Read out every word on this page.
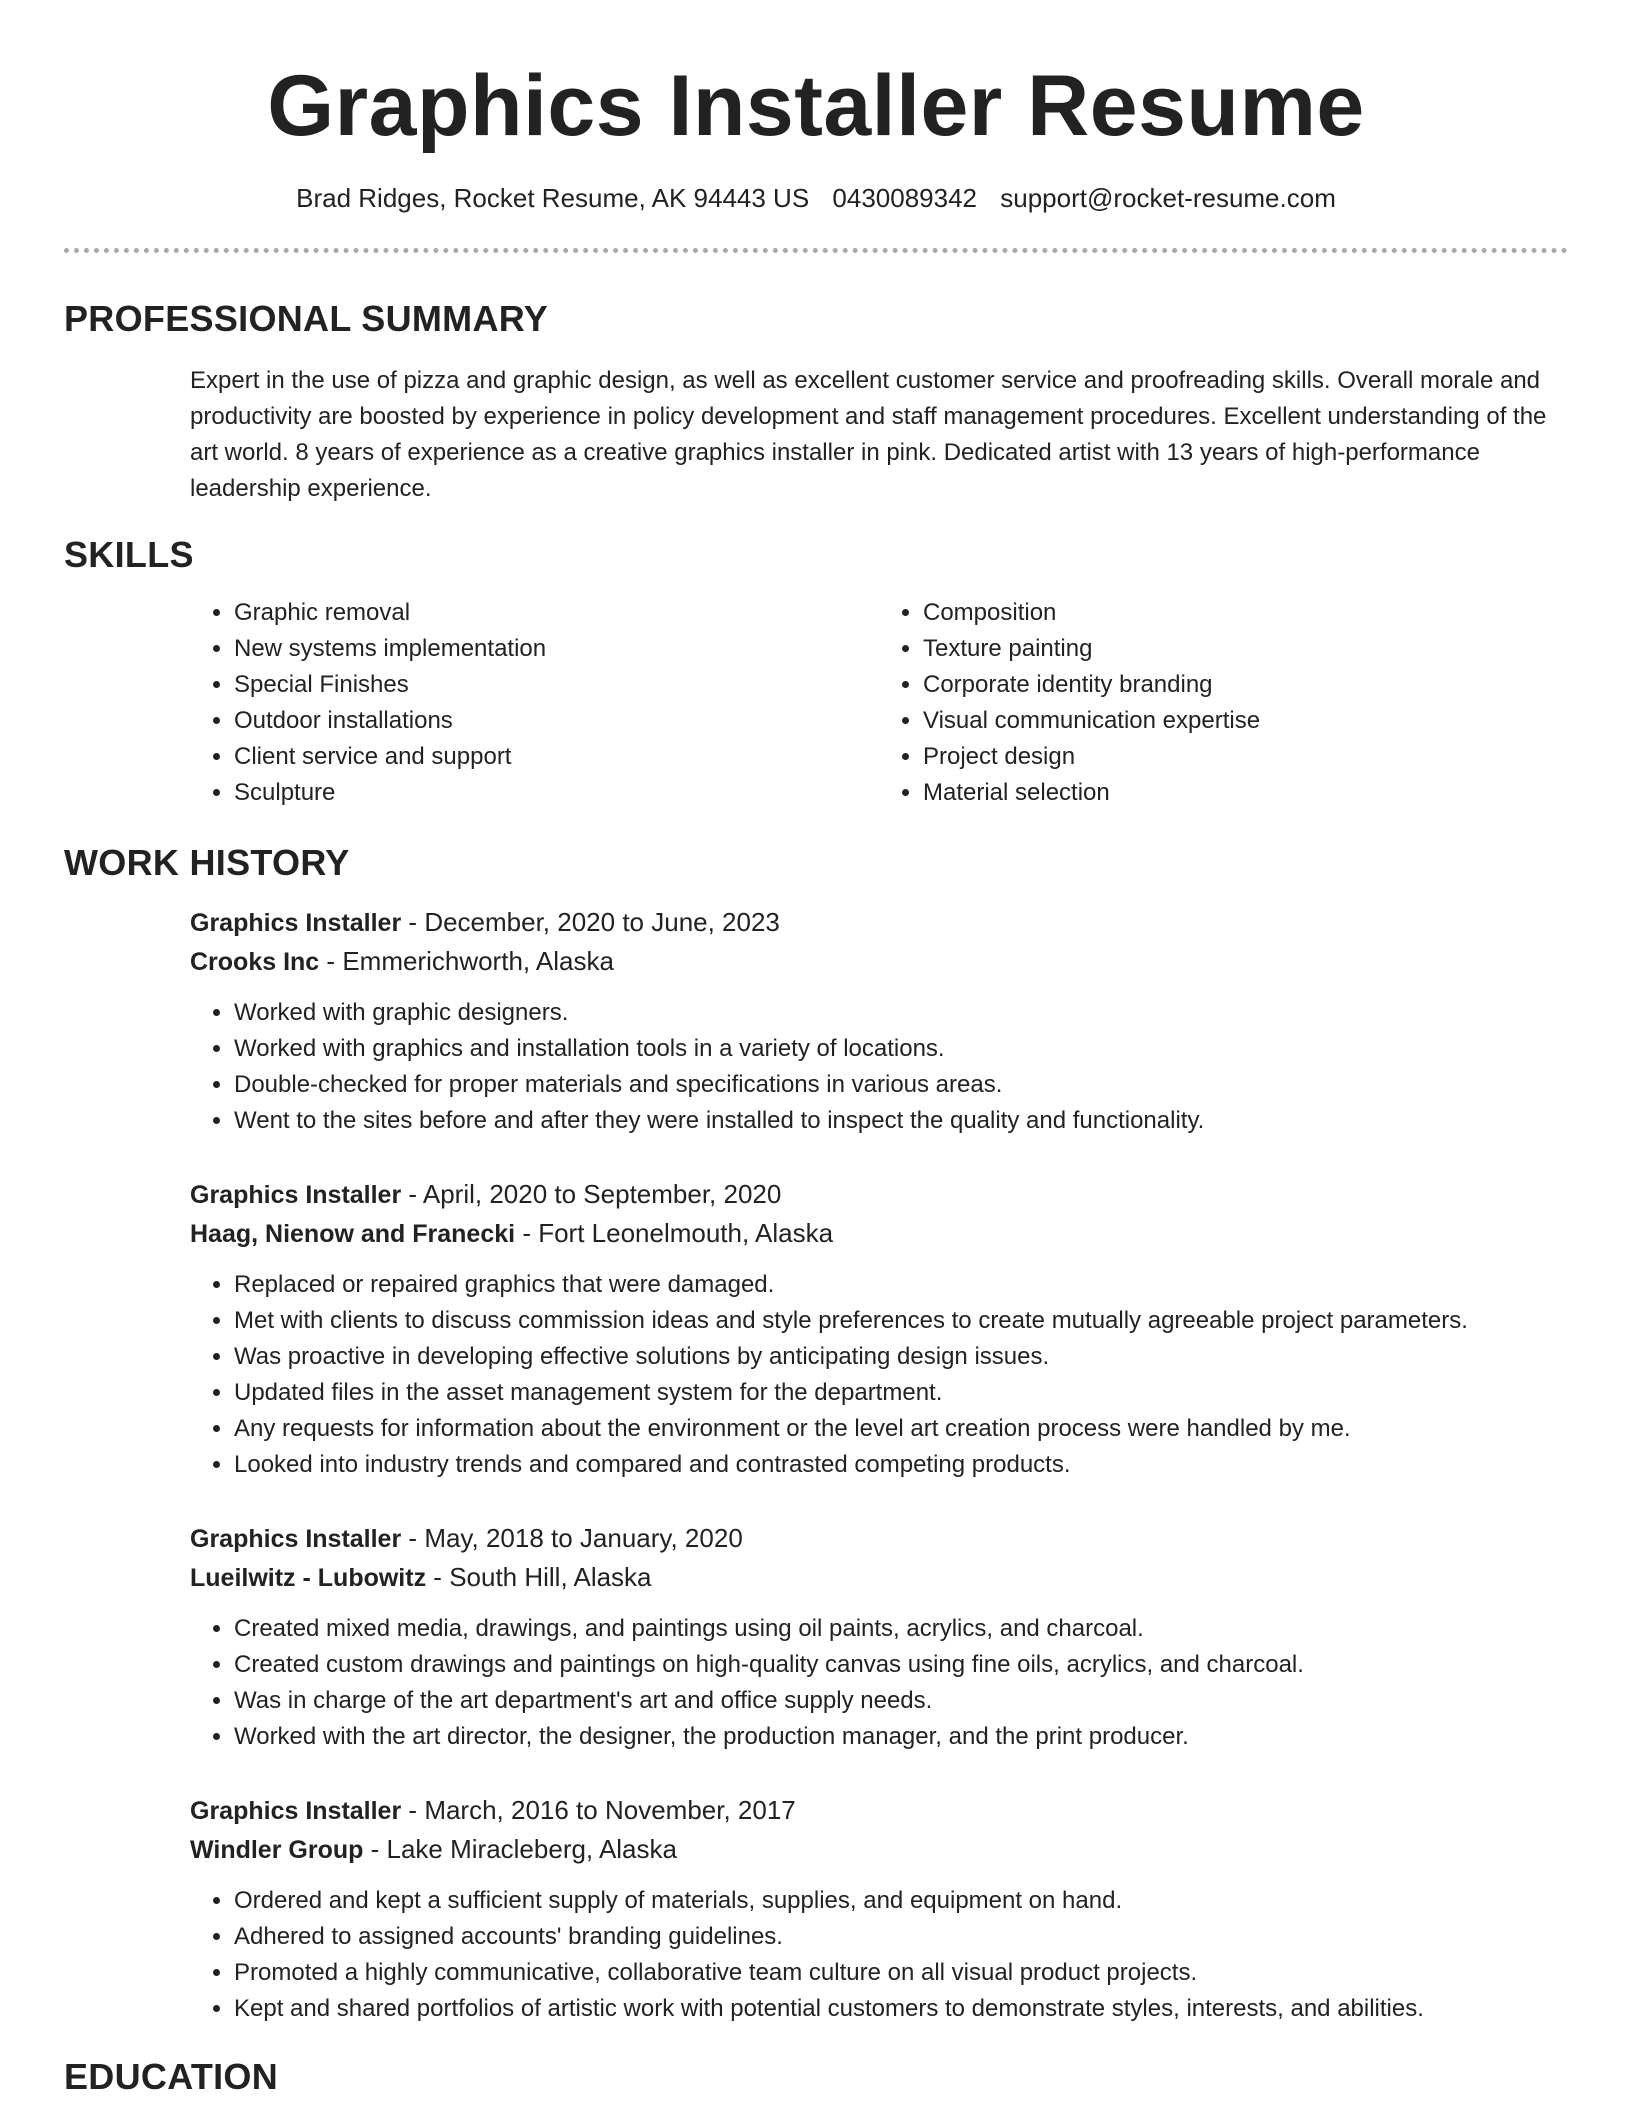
Graphics Installer Resume
Brad Ridges, Rocket Resume, AK 94443 US 0430089342 support@rocket-resume.com
PROFESSIONAL SUMMARY

Expert in the use of pizza and graphic design, as well as excellent customer service and proofreading skills. Overall morale and productivity are boosted by experience in policy development and staff management procedures. Excellent understanding of the art world. 8 years of experience as a creative graphics installer in pink. Dedicated artist with 13 years of high-performance leadership experience.

SKILLS
• Graphic removal
• New systems implementation
• Special Finishes
• Outdoor installations
• Client service and support
• Sculpture
• Composition
• Texture painting
• Corporate identity branding
• Visual communication expertise
• Project design
• Material selection
WORK HISTORY
Graphics Installer - December, 2020 to June, 2023
Crooks Inc - Emmerichworth, Alaska
• Worked with graphic designers.
• Worked with graphics and installation tools in a variety of locations.
• Double-checked for proper materials and specifications in various areas.
• Went to the sites before and after they were installed to inspect the quality and functionality.
Graphics Installer - April, 2020 to September, 2020
Haag, Nienow and Franecki - Fort Leonelmouth, Alaska
• Replaced or repaired graphics that were damaged.
• Met with clients to discuss commission ideas and style preferences to create mutually agreeable project parameters.
• Was proactive in developing effective solutions by anticipating design issues.
• Updated files in the asset management system for the department.
• Any requests for information about the environment or the level art creation process were handled by me.
• Looked into industry trends and compared and contrasted competing products.
Graphics Installer - May, 2018 to January, 2020
Lueilwitz - Lubowitz - South Hill, Alaska
• Created mixed media, drawings, and paintings using oil paints, acrylics, and charcoal.
• Created custom drawings and paintings on high-quality canvas using fine oils, acrylics, and charcoal.
• Was in charge of the art department's art and office supply needs.
• Worked with the art director, the designer, the production manager, and the print producer.
Graphics Installer - March, 2016 to November, 2017
Windler Group - Lake Miracleberg, Alaska
• Ordered and kept a sufficient supply of materials, supplies, and equipment on hand.
• Adhered to assigned accounts' branding guidelines.
• Promoted a highly communicative, collaborative team culture on all visual product projects.
• Kept and shared portfolios of artistic work with potential customers to demonstrate styles, interests, and abilities.
EDUCATION
